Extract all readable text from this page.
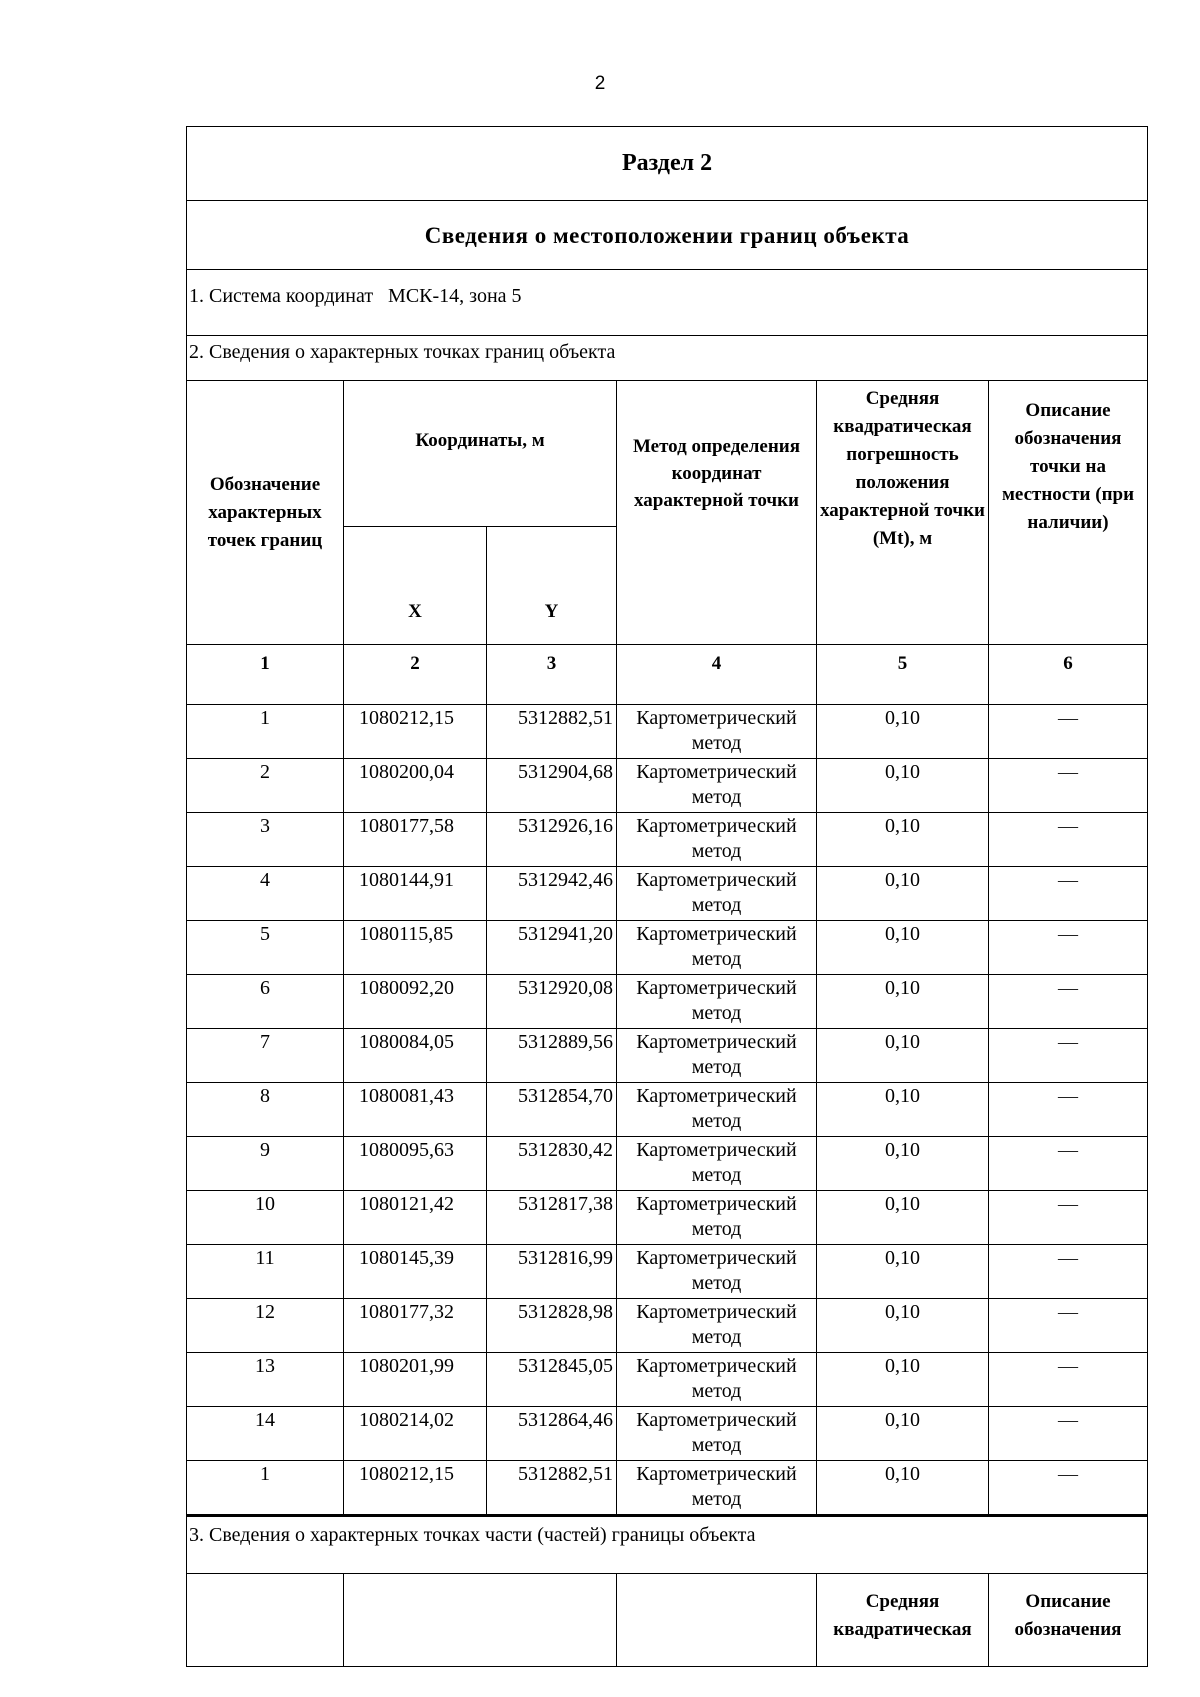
2
Раздел 2					
Сведения о местоположении границ объекта					
1. Система координат   МСК-14, зона 5					
2. Сведения о характерных точках границ объекта					
Обозначение характерных точек границ	Координаты, м		Метод определения координат характерной точки	Средняя квадратическая погрешность положения характерной точки (Mt), м	Описание обозначения точки на местности (при наличии)
	X	Y			
1	2	3	4	5	6
1	1080212,15	5312882,51	Картометрический метод	0,10	—
2	1080200,04	5312904,68	Картометрический метод	0,10	—
3	1080177,58	5312926,16	Картометрический метод	0,10	—
4	1080144,91	5312942,46	Картометрический метод	0,10	—
5	1080115,85	5312941,20	Картометрический метод	0,10	—
6	1080092,20	5312920,08	Картометрический метод	0,10	—
7	1080084,05	5312889,56	Картометрический метод	0,10	—
8	1080081,43	5312854,70	Картометрический метод	0,10	—
9	1080095,63	5312830,42	Картометрический метод	0,10	—
10	1080121,42	5312817,38	Картометрический метод	0,10	—
11	1080145,39	5312816,99	Картометрический метод	0,10	—
12	1080177,32	5312828,98	Картометрический метод	0,10	—
13	1080201,99	5312845,05	Картометрический метод	0,10	—
14	1080214,02	5312864,46	Картометрический метод	0,10	—
1	1080212,15	5312882,51	Картометрический метод	0,10	—
3. Сведения о характерных точках части (частей) границы объекта					
				Средняя квадратическая	Описание обозначения
